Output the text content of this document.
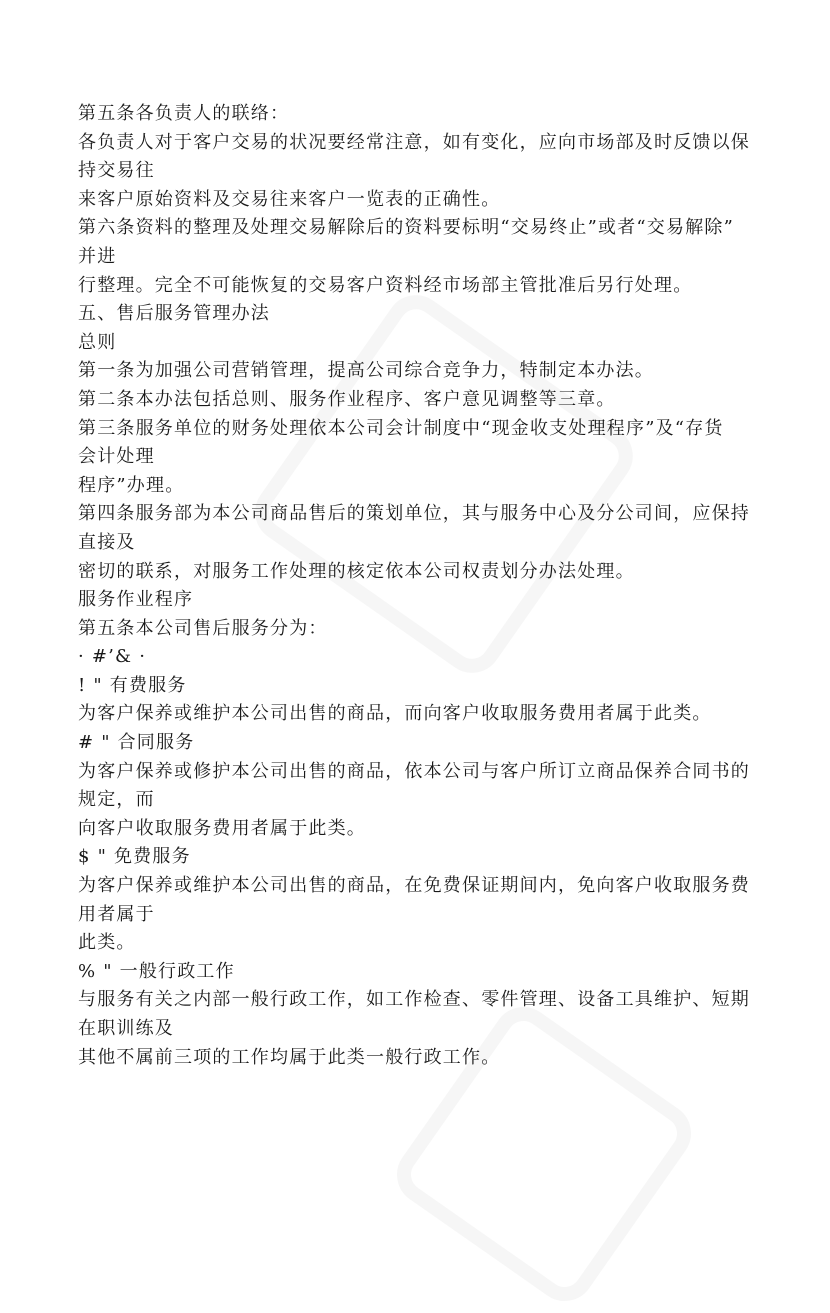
第五条各负责人的联络：
各负责人对于客户交易的状况要经常注意，如有变化，应向市场部及时反馈以保
持交易往
来客户原始资料及交易往来客户一览表的正确性。
第六条资料的整理及处理交易解除后的资料要标明“交易终止”或者“交易解除”
并进
行整理。完全不可能恢复的交易客户资料经市场部主管批准后另行处理。
五、售后服务管理办法
总则
第一条为加强公司营销管理，提高公司综合竞争力，特制定本办法。
第二条本办法包括总则、服务作业程序、客户意见调整等三章。
第三条服务单位的财务处理依本公司会计制度中“现金收支处理程序”及“存货
会计处理
程序”办理。
第四条服务部为本公司商品售后的策划单位，其与服务中心及分公司间，应保持
直接及
密切的联系，对服务工作处理的核定依本公司权责划分办法处理。
服务作业程序
第五条本公司售后服务分为：
· #’& ·
! " 有费服务
为客户保养或维护本公司出售的商品，而向客户收取服务费用者属于此类。
# " 合同服务
为客户保养或修护本公司出售的商品，依本公司与客户所订立商品保养合同书的
规定，而
向客户收取服务费用者属于此类。
$ " 免费服务
为客户保养或维护本公司出售的商品，在免费保证期间内，免向客户收取服务费
用者属于
此类。
% " 一般行政工作
与服务有关之内部一般行政工作，如工作检查、零件管理、设备工具维护、短期
在职训练及
其他不属前三项的工作均属于此类一般行政工作。
